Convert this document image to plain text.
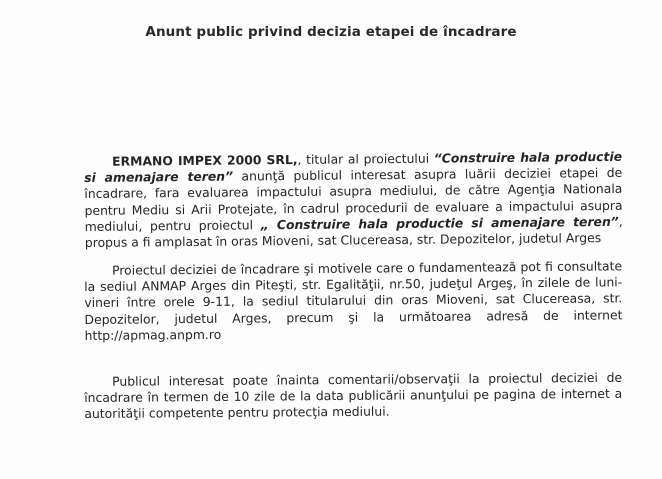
Anunt public privind decizia etapei de încadrare
ERMANO IMPEX 2000 SRL,, titular al proiectului “Construire hala productie si amenajare teren” anunţă publicul interesat asupra luării deciziei etapei de încadrare, fara evaluarea impactului asupra mediului, de către Agenţia Nationala pentru Mediu si Arii Protejate, în cadrul procedurii de evaluare a impactului asupra mediului, pentru proiectul „ Construire hala productie si amenajare teren”, propus a fi amplasat în oras Mioveni, sat Clucereasa, str. Depozitelor, judetul Arges
Proiectul deciziei de încadrare şi motivele care o fundamentează pot fi consultate la sediul ANMAP Arges din Piteşti, str. Egalităţii, nr.50, judeţul Argeş, în zilele de luni-vineri între orele 9-11, la sediul titularului din oras Mioveni, sat Clucereasa, str. Depozitelor, judetul Arges, precum şi la următoarea adresă de internet http://apmag.anpm.ro
Publicul interesat poate înainta comentarii/observaţii la proiectul deciziei de încadrare în termen de 10 zile de la data publicării anunţului pe pagina de internet a autorităţii competente pentru protecţia mediului.
